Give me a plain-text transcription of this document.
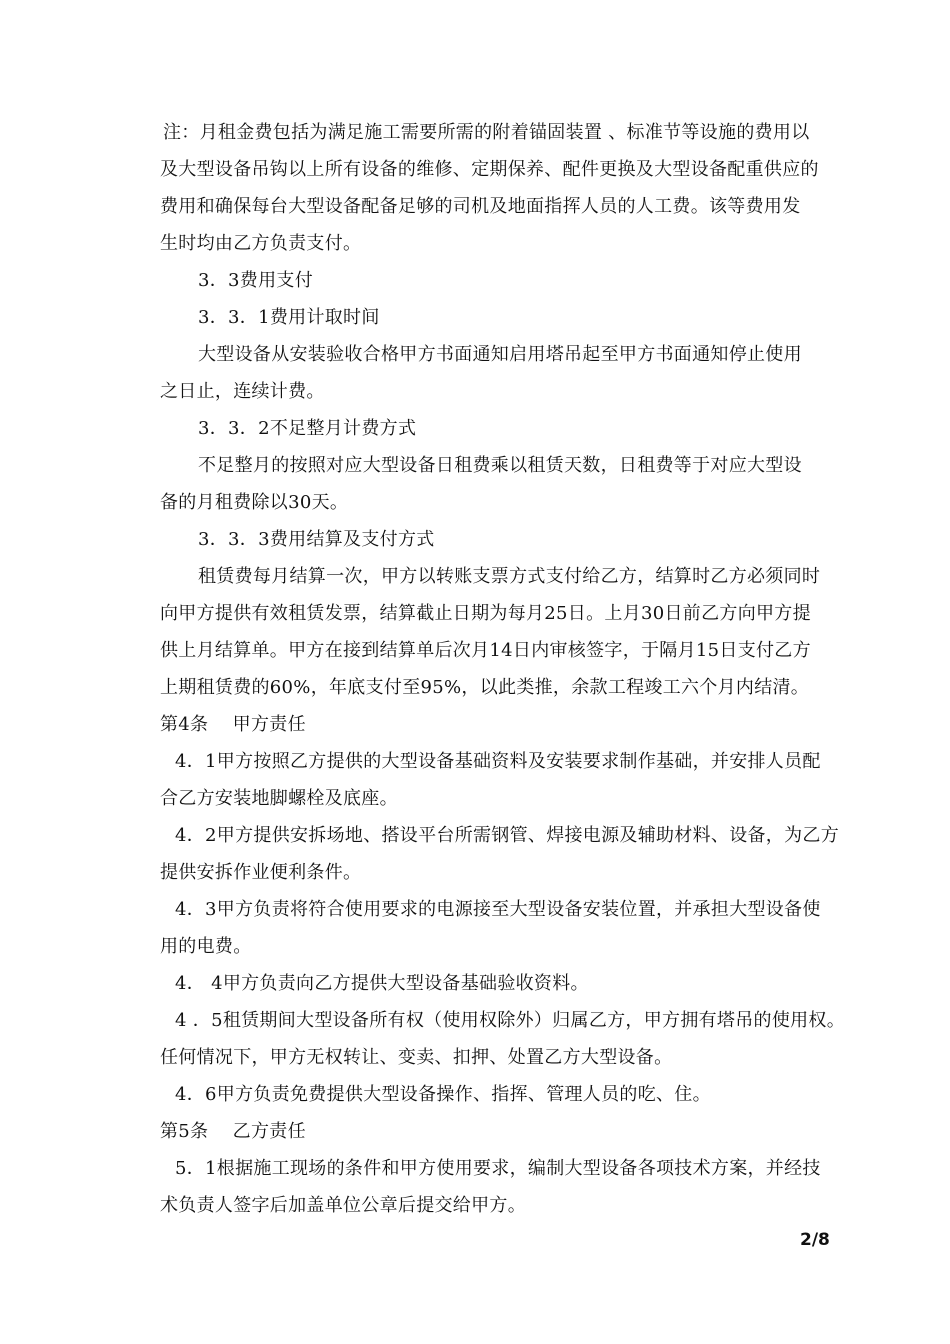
注：月租金费包括为满足施工需要所需的附着锚固装置 、标准节等设施的费用以
及大型设备吊钩以上所有设备的维修、定期保养、配件更换及大型设备配重供应的
费用和确保每台大型设备配备足够的司机及地面指挥人员的人工费。该等费用发
生时均由乙方负责支付。
3．3费用支付
3．3．1费用计取时间
大型设备从安装验收合格甲方书面通知启用塔吊起至甲方书面通知停止使用
之日止，连续计费。
3．3．2不足整月计费方式
不足整月的按照对应大型设备日租费乘以租赁天数，日租费等于对应大型设
备的月租费除以30天。
3．3．3费用结算及支付方式
租赁费每月结算一次，甲方以转账支票方式支付给乙方，结算时乙方必须同时
向甲方提供有效租赁发票，结算截止日期为每月25日。上月30日前乙方向甲方提
供上月结算单。甲方在接到结算单后次月14日内审核签字，于隔月15日支付乙方
上期租赁费的60%，年底支付至95%，以此类推，余款工程竣工六个月内结清。
第4条　 甲方责任
4．1甲方按照乙方提供的大型设备基础资料及安装要求制作基础，并安排人员配
合乙方安装地脚螺栓及底座。
4．2甲方提供安拆场地、搭设平台所需钢管、焊接电源及辅助材料、设备，为乙方
提供安拆作业便利条件。
4．3甲方负责将符合使用要求的电源接至大型设备安装位置，并承担大型设备使
用的电费。
4． 4甲方负责向乙方提供大型设备基础验收资料。
4 ．5租赁期间大型设备所有权（使用权除外）归属乙方，甲方拥有塔吊的使用权。
任何情况下，甲方无权转让、变卖、扣押、处置乙方大型设备。
4．6甲方负责免费提供大型设备操作、指挥、管理人员的吃、住。
第5条　 乙方责任
5．1根据施工现场的条件和甲方使用要求，编制大型设备各项技术方案，并经技
术负责人签字后加盖单位公章后提交给甲方。
2/8
